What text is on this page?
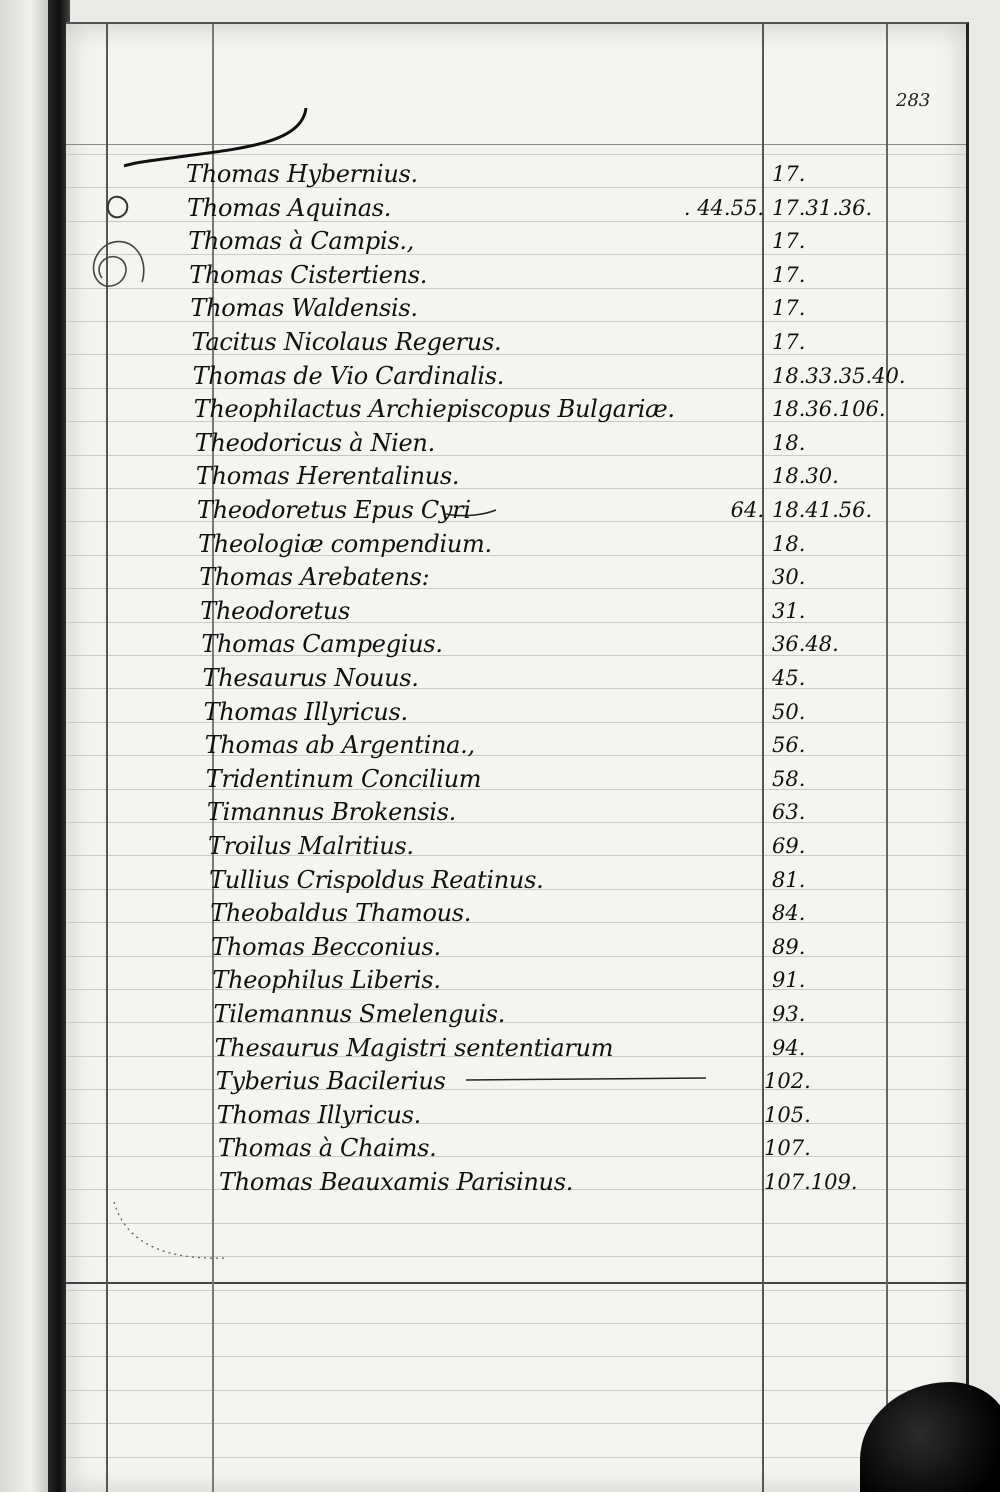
283
Thomas Hybernius.	17.
Thomas Aquinas.	. 44.55. 17.31.36.
Thomas à Campis.,	17.
Thomas Cistertiens.	17.
Thomas Waldensis.	17.
Tacitus Nicolaus Regerus.	17.
Thomas de Vio Cardinalis.	18.33.35.40.
Theophilactus Archiepiscopus Bulgariæ.	18.36.106.
Theodoricus à Nien.	18.
Thomas Herentalinus.	18.30.
Theodoretus Epus Cyri	64. 18.41.56.
Theologiæ compendium.	18.
Thomas Arebatens:	30.
Theodoretus	31.
Thomas Campegius.	36.48.
Thesaurus Nouus.	45.
Thomas Illyricus.	50.
Thomas ab Argentina.,	56.
Tridentinum Concilium	58.
Timannus Brokensis.	63.
Troilus Malritius.	69.
Tullius Crispoldus Reatinus.	81.
Theobaldus Thamous.	84.
Thomas Becconius.	89.
Theophilus Liberis.	91.
Tilemannus Smelenguis.	93.
Thesaurus Magistri sententiarum	94.
Tyberius Bacilerius	102.
Thomas Illyricus.	105.
Thomas à Chaims.	107.
Thomas Beauxamis Parisinus.	107.109.
